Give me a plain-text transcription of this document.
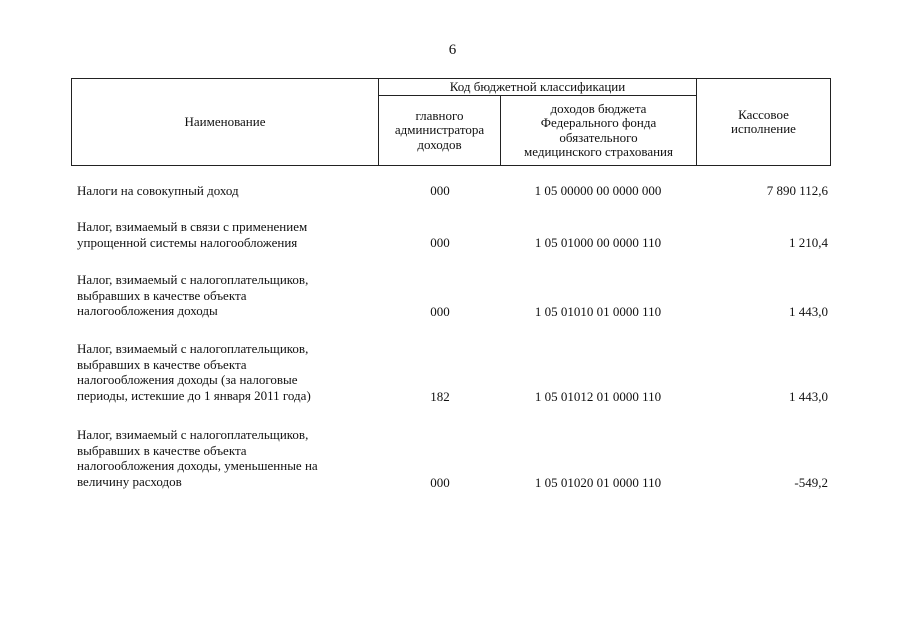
6
Наименование
Код бюджетной классификации
главного
администратора
доходов
доходов бюджета
Федерального фонда
обязательного
медицинского страхования
Кассовое
исполнение
Налоги на совокупный доход	000	1 05 00000 00 0000 000	7 890 112,6
Налог, взимаемый в связи с применением
упрощенной системы налогообложения	000	1 05 01000 00 0000 110	1 210,4
Налог, взимаемый с налогоплательщиков,
выбравших в качестве объекта
налогообложения доходы	000	1 05 01010 01 0000 110	1 443,0
Налог, взимаемый с налогоплательщиков,
выбравших в качестве объекта
налогообложения доходы (за налоговые
периоды, истекшие до 1 января 2011 года)	182	1 05 01012 01 0000 110	1 443,0
Налог, взимаемый с налогоплательщиков,
выбравших в качестве объекта
налогообложения доходы, уменьшенные на
величину расходов	000	1 05 01020 01 0000 110	-549,2
